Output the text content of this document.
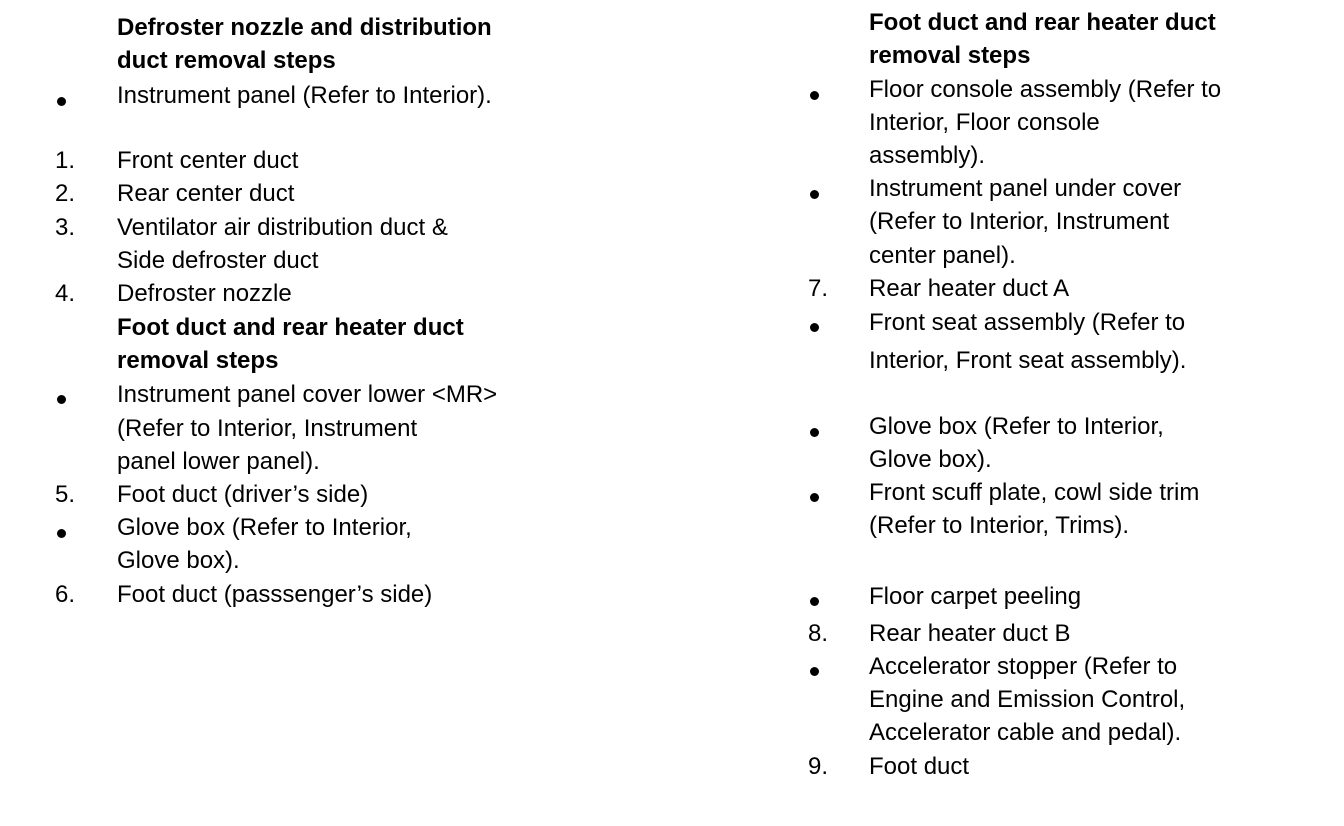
Defroster nozzle and distribution
duct removal steps
Instrument panel (Refer to Interior).
1. Front center duct
2. Rear center duct
3. Ventilator air distribution duct &
Side defroster duct
4. Defroster nozzle
Foot duct and rear heater duct
removal steps
Instrument panel cover lower <MR>
(Refer to Interior, Instrument
panel lower panel).
5. Foot duct (driver’s side)
Glove box (Refer to Interior,
Glove box).
6. Foot duct (passsenger’s side)
Foot duct and rear heater duct
removal steps
Floor console assembly (Refer to
Interior, Floor console
assembly).
Instrument panel under cover
(Refer to Interior, Instrument
center panel).
7. Rear heater duct A
Front seat assembly (Refer to
Interior, Front seat assembly).
Glove box (Refer to Interior,
Glove box).
Front scuff plate, cowl side trim
(Refer to Interior, Trims).
Floor carpet peeling
8. Rear heater duct B
Accelerator stopper (Refer to
Engine and Emission Control,
Accelerator cable and pedal).
9. Foot duct
